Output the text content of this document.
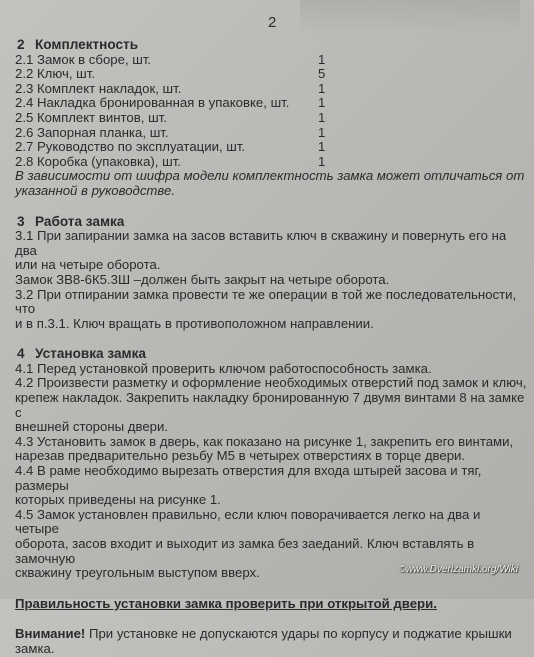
2
2 Комплектность
2.1 Замок в сборе, шт.	1
2.2 Ключ, шт.	5
2.3 Комплект накладок, шт.	1
2.4 Накладка бронированная в упаковке, шт. 1
2.5 Комплект винтов, шт.	1
2.6 Запорная планка, шт.	1
2.7 Руководство по эксплуатации, шт.	1
2.8 Коробка (упаковка), шт.	1
В зависимости от шифра модели комплектность замка может отличаться от
указанной в руководстве.
3 Работа замка
3.1 При запирании замка на засов вставить ключ в скважину и повернуть его на два
или на четыре оборота.
Замок ЗВ8-6К5.3Ш –должен быть закрыт на четыре оборота.
3.2 При отпирании замка провести те же операции в той же последовательности, что
и в п.3.1. Ключ вращать в противоположном направлении.
4 Установка замка
4.1 Перед установкой проверить ключом работоспособность замка.
4.2 Произвести разметку и оформление необходимых отверстий под замок и ключ,
крепеж накладок. Закрепить накладку бронированную 7 двумя винтами 8 на замке с
внешней стороны двери.
4.3 Установить замок в дверь, как показано на рисунке 1, закрепить его винтами,
нарезав предварительно резьбу М5 в четырех отверстиях в торце двери.
4.4 В раме необходимо вырезать отверстия для входа штырей засова и тяг, размеры
которых приведены на рисунке 1.
4.5 Замок установлен правильно, если ключ поворачивается легко на два и четыре
оборота, засов входит и выходит из замка без заеданий. Ключ вставлять в замочную
скважину треугольным выступом вверх.
Правильность установки замка проверить при открытой двери.
Внимание! При установке не допускаются удары по корпусу и поджатие крышки
замка.
©www.Dverizamki.org/Wiki
